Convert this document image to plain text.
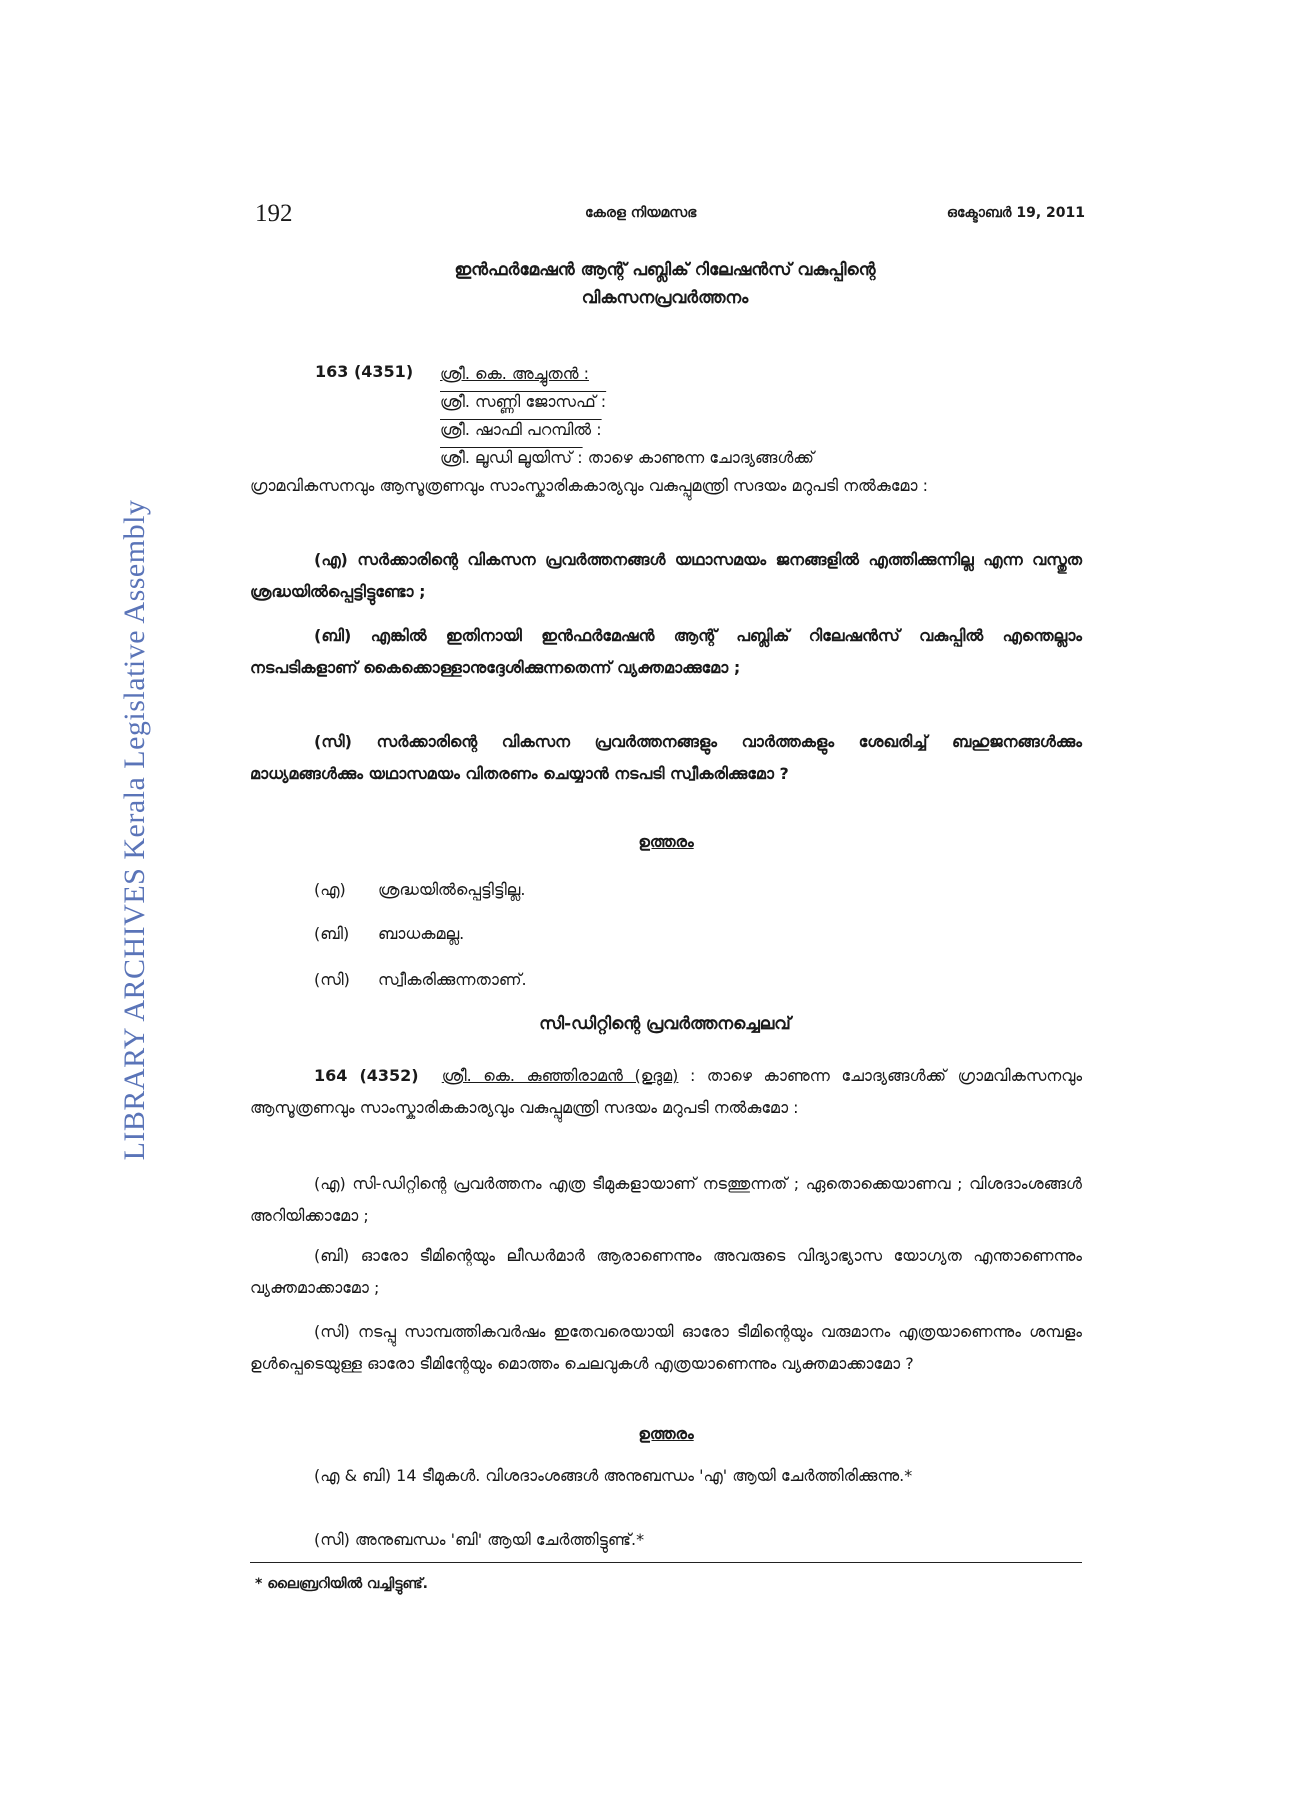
LIBRARY ARCHIVES Kerala Legislative Assembly
192	കേരള നിയമസഭ	ഒക്ടോബർ 19, 2011
ഇൻഫർമേഷൻ ആന്റ് പബ്ലിക് റിലേഷൻസ് വകുപ്പിന്റെ
വികസനപ്രവർത്തനം
163 (4351) ശ്രീ. കെ. അച്ചുതൻ :
ശ്രീ. സണ്ണി ജോസഫ് :
ശ്രീ. ഷാഫി പറമ്പിൽ :
ശ്രീ. ലൂഡി ലൂയിസ് : താഴെ കാണുന്ന ചോദ്യങ്ങൾക്ക്
ഗ്രാമവികസനവും ആസൂത്രണവും സാംസ്കാരികകാര്യവും വകുപ്പുമന്ത്രി സദയം മറുപടി നൽകുമോ :
(എ) സർക്കാരിന്റെ വികസന പ്രവർത്തനങ്ങൾ യഥാസമയം ജനങ്ങളിൽ എത്തിക്കുന്നില്ല എന്ന വസ്തുത ശ്രദ്ധയിൽപ്പെട്ടിട്ടുണ്ടോ ;
(ബി) എങ്കിൽ ഇതിനായി ഇൻഫർമേഷൻ ആന്റ് പബ്ലിക് റിലേഷൻസ് വകുപ്പിൽ എന്തെല്ലാം നടപടികളാണ് കൈക്കൊള്ളാനുദ്ദേശിക്കുന്നതെന്ന് വ്യക്തമാക്കുമോ ;
(സി) സർക്കാരിന്റെ വികസന പ്രവർത്തനങ്ങളും വാർത്തകളും ശേഖരിച്ച് ബഹുജനങ്ങൾക്കും മാധ്യമങ്ങൾക്കും യഥാസമയം വിതരണം ചെയ്യാൻ നടപടി സ്വീകരിക്കുമോ ?
ഉത്തരം
(എ) ശ്രദ്ധയിൽപ്പെട്ടിട്ടില്ല.
(ബി) ബാധകമല്ല.
(സി) സ്വീകരിക്കുന്നതാണ്.
സി-ഡിറ്റിന്റെ പ്രവർത്തനച്ചെലവ്
164 (4352) ശ്രീ. കെ. കുഞ്ഞിരാമൻ (ഉദുമ) : താഴെ കാണുന്ന ചോദ്യങ്ങൾക്ക് ഗ്രാമവികസനവും ആസൂത്രണവും സാംസ്കാരികകാര്യവും വകുപ്പുമന്ത്രി സദയം മറുപടി നൽകുമോ :
(എ) സി-ഡിറ്റിന്റെ പ്രവർത്തനം എത്ര ടീമുകളായാണ് നടത്തുന്നത് ; ഏതൊക്കെയാണവ ; വിശദാംശങ്ങൾ അറിയിക്കാമോ ;
(ബി) ഓരോ ടീമിന്റെയും ലീഡർമാർ ആരാണെന്നും അവരുടെ വിദ്യാഭ്യാസ യോഗ്യത എന്താണെന്നും വ്യക്തമാക്കാമോ ;
(സി) നടപ്പു സാമ്പത്തികവർഷം ഇതേവരെയായി ഓരോ ടീമിന്റെയും വരുമാനം എത്രയാണെന്നും ശമ്പളം ഉൾപ്പെടെയുള്ള ഓരോ ടീമിന്റേയും മൊത്തം ചെലവുകൾ എത്രയാണെന്നും വ്യക്തമാക്കാമോ ?
ഉത്തരം
(എ & ബി) 14 ടീമുകൾ. വിശദാംശങ്ങൾ അനുബന്ധം 'എ' ആയി ചേർത്തിരിക്കുന്നു.*
(സി) അനുബന്ധം 'ബി' ആയി ചേർത്തിട്ടുണ്ട്.*
* ലൈബ്രറിയിൽ വച്ചിട്ടുണ്ട്.
